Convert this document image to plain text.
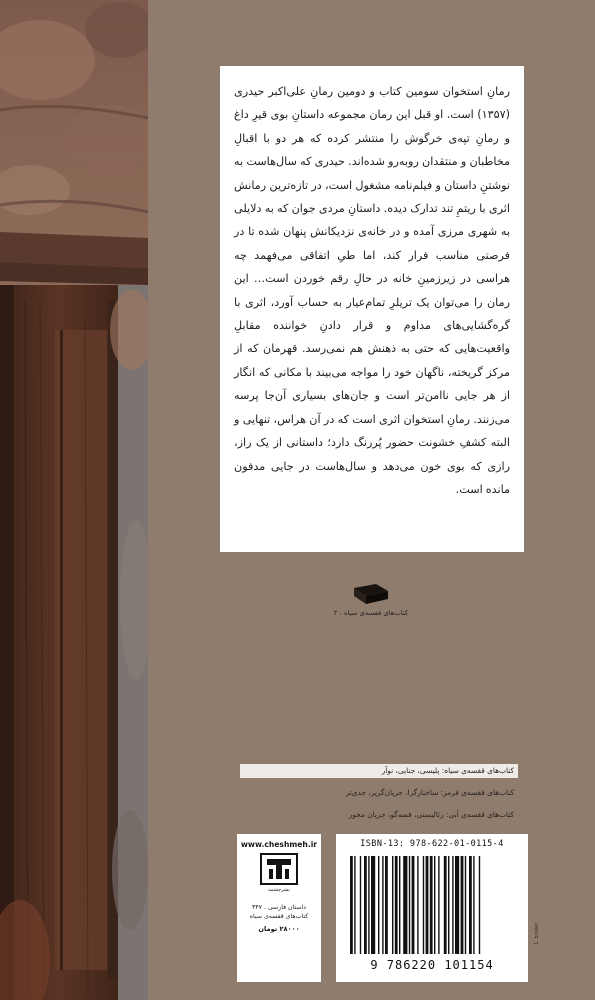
رمانِ استخوان سومین کتاب و دومین رمانِ علی‌اکبر حیدری (۱۳۵۷) است. او قبل این رمان مجموعه داستانِ بوی قیرِ داغ و رمانِ تپه‌ی خرگوش را منتشر کرده که هر دو با اقبالِ مخاطبان و منتقدان روبه‌رو شده‌اند. حیدری که سال‌هاست به نوشتنِ داستان و فیلم‌نامه مشغول است، در تازه‌ترین رمانش اثری با ریتمِ تند تدارک دیده. داستانِ مردی جوان که به دلایلی به شهری مرزی آمده و در خانه‌ی نزدیکانش پنهان شده تا در فرصتی مناسب فرار کند، اما طیِ اتفاقی می‌فهمد چه هراسی در زیرزمینِ خانه در حالِ رقم خوردن است… این رمان را می‌توان یک تریلرِ تمام‌عیار به حساب آورد، اثری با گره‌گشایی‌های مداوم و قرار دادنِ خواننده مقابلِ واقعیت‌هایی که حتی به ذهنش هم نمی‌رسد. قهرمان که از مرکز گریخته، ناگهان خود را مواجه می‌بیند با مکانی که انگار از هر جایی ناامن‌تر است و جان‌های بسیاری آن‌جا پرسه می‌زنند. رمانِ استخوان اثری است که در آن هراس، تنهایی و البته کشفِ خشونت حضور پُررنگ دارد؛ داستانی از یک راز، رازی که بوی خون می‌دهد و سال‌هاست در جایی مدفون مانده است.

کتاب‌های قفسه‌ی سیاه . ۲
کتاب‌های قفسه‌ی سیاه: پلیسی، جنایی، نوآر
کتاب‌های قفسه‌ی قرمز: ساختارگرا، جریان‌گریز، جدی‌تر
کتاب‌های قفسه‌ی آبی: رئالیستی، قصه‌گو، جریان محور
www.cheshmeh.ir
نشرچشمه
داستان فارسی . ۳۴۷
کتاب‌های قفسه‌ی سیاه
۲۸۰۰۰ تومان
ISBN-13: 978-622-01-0115-4
9 786220 101154
1. broker
